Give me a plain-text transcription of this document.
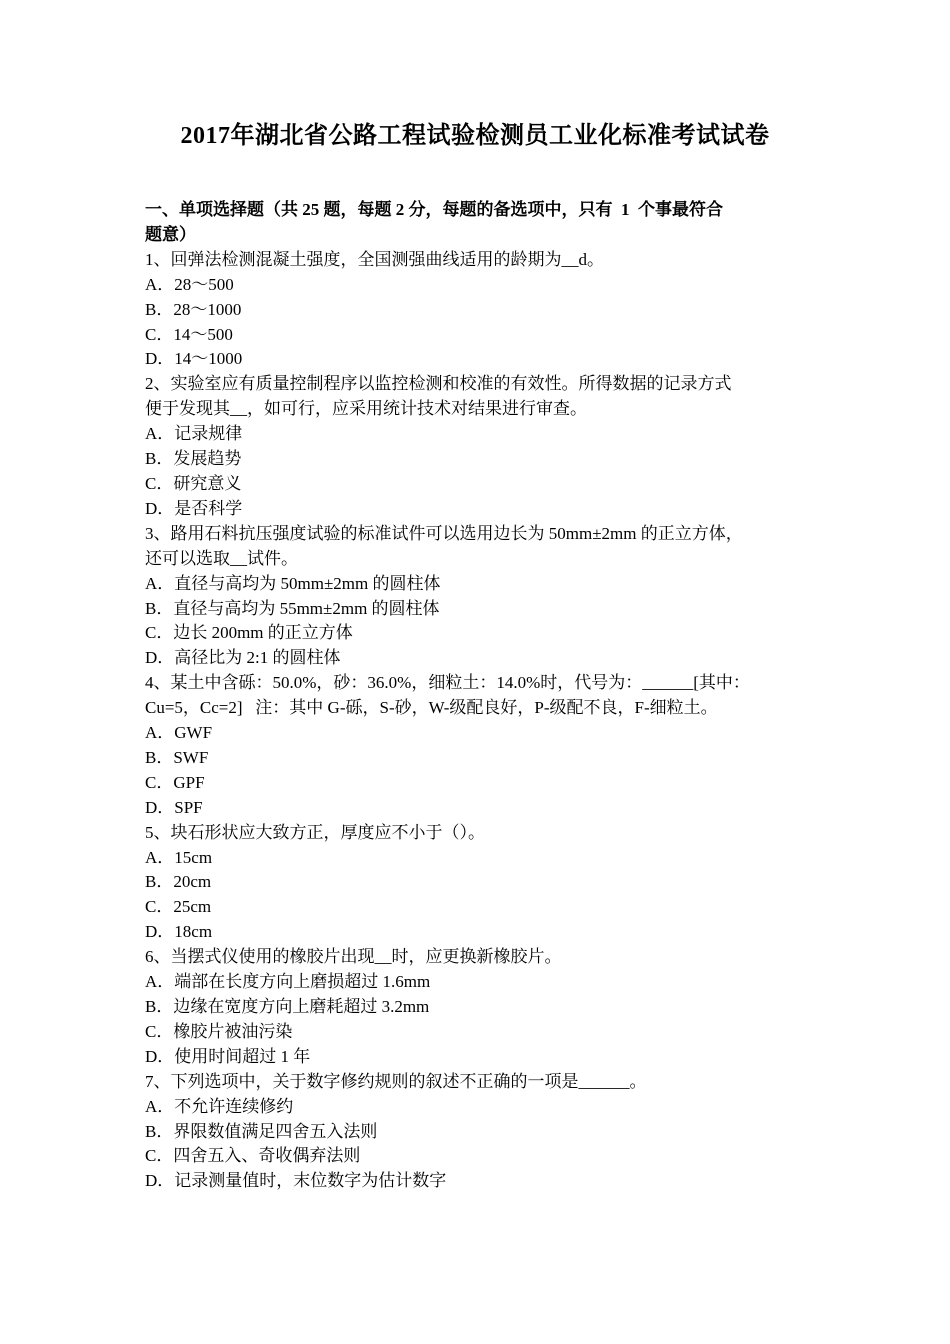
2017年湖北省公路工程试验检测员工业化标准考试试卷
一、单项选择题（共 25 题，每题 2 分，每题的备选项中，只有  1  个事最符合
题意）
1、回弹法检测混凝土强度，全国测强曲线适用的龄期为__d。
A．28～500
B．28～1000
C．14～500
D．14～1000
2、实验室应有质量控制程序以监控检测和校准的有效性。所得数据的记录方式
便于发现其__，如可行，应采用统计技术对结果进行审查。
A．记录规律
B．发展趋势
C．研究意义
D．是否科学
3、路用石料抗压强度试验的标准试件可以选用边长为 50mm±2mm 的正立方体，
还可以选取__试件。
A．直径与高均为 50mm±2mm 的圆柱体
B．直径与高均为 55mm±2mm 的圆柱体
C．边长 200mm 的正立方体
D．高径比为 2:1 的圆柱体
4、某土中含砾：50.0%，砂：36.0%，细粒土：14.0%时，代号为：______[其中：
Cu=5，Cc=2]   注：其中 G-砾，S-砂，W-级配良好，P-级配不良，F-细粒土。
A．GWF
B．SWF
C．GPF
D．SPF
5、块石形状应大致方正，厚度应不小于（）。
A．15cm
B．20cm
C．25cm
D．18cm
6、当摆式仪使用的橡胶片出现__时，应更换新橡胶片。
A．端部在长度方向上磨损超过 1.6mm
B．边缘在宽度方向上磨耗超过 3.2mm
C．橡胶片被油污染
D．使用时间超过 1 年
7、下列选项中，关于数字修约规则的叙述不正确的一项是______。
A．不允许连续修约
B．界限数值满足四舍五入法则
C．四舍五入、奇收偶弃法则
D．记录测量值时，末位数字为估计数字
